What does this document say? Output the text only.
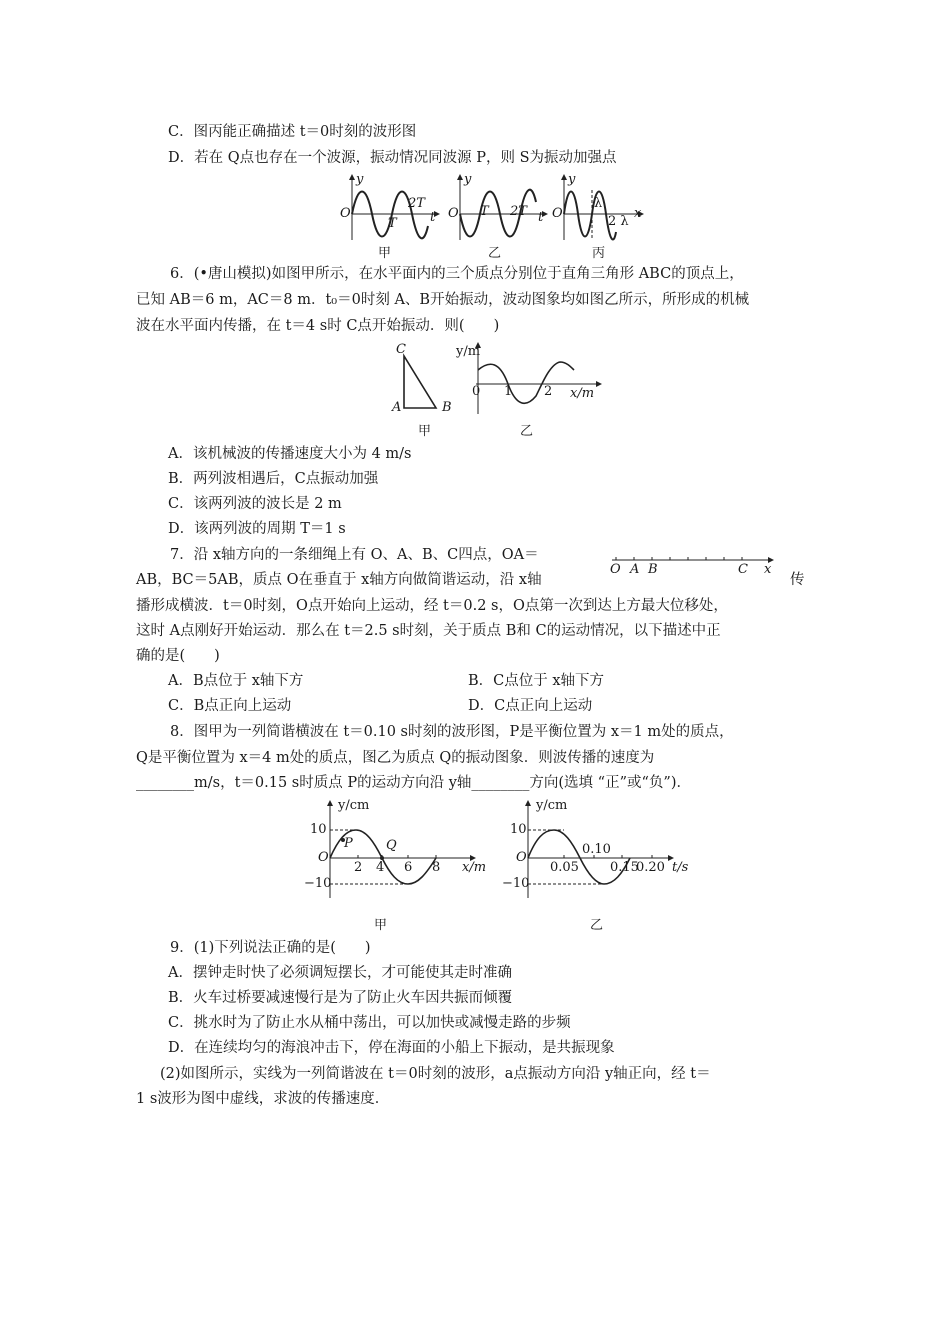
C．图丙能正确描述 t＝0时刻的波形图
D．若在 Q点也存在一个波源，振动情况同波源 P，则 S为振动加强点
y
O
T
2T
t
甲
y
O T 2T t
乙
y
O
λ
2 λ
x
丙
6．(•唐山模拟)如图甲所示，在水平面内的三个质点分别位于直角三角形 ABC的顶点上，
已知 AB＝6 m，AC＝8 m．t₀＝0时刻 A、B开始振动，波动图象均如图乙所示，所形成的机械
波在水平面内传播，在 t＝4 s时 C点开始振动．则(　　)
C
A	B
甲
y/m
0 1 2 x/m
乙
A．该机械波的传播速度大小为 4 m/s
B．两列波相遇后，C点振动加强
C．该两列波的波长是 2 m
D．该两列波的周期 T＝1 s
7．沿 x轴方向的一条细绳上有 O、A、B、C四点，OA＝
AB，BC＝5AB，质点 O在垂直于 x轴方向做简谐运动，沿 x轴	传
O A B	C x
播形成横波．t＝0时刻，O点开始向上运动，经 t＝0.2 s，O点第一次到达上方最大位移处，
这时 A点刚好开始运动．那么在 t＝2.5 s时刻，关于质点 B和 C的运动情况，以下描述中正
确的是(　　)
A．B点位于 x轴下方	B．C点位于 x轴下方
C．B点正向上运动	D．C点正向上运动
8．图甲为一列简谐横波在 t＝0.10 s时刻的波形图，P是平衡位置为 x＝1 m处的质点，
Q是平衡位置为 x＝4 m处的质点，图乙为质点 Q的振动图象．则波传播的速度为
________m/s，t＝0.15 s时质点 P的运动方向沿 y轴________方向(选填 “正”或“负”)．
y/cm
10
−10
O
P	Q
2 4 6 8 x/m
甲
y/cm
10
−10
O
0.05
0.10
0.15
0.20 t/s
乙
9．(1)下列说法正确的是(　　)
A．摆钟走时快了必须调短摆长，才可能使其走时准确
B．火车过桥要减速慢行是为了防止火车因共振而倾覆
C．挑水时为了防止水从桶中荡出，可以加快或减慢走路的步频
D．在连续均匀的海浪冲击下，停在海面的小船上下振动，是共振现象
(2)如图所示，实线为一列简谐波在 t＝0时刻的波形，a点振动方向沿 y轴正向，经 t＝
1 s波形为图中虚线，求波的传播速度．
